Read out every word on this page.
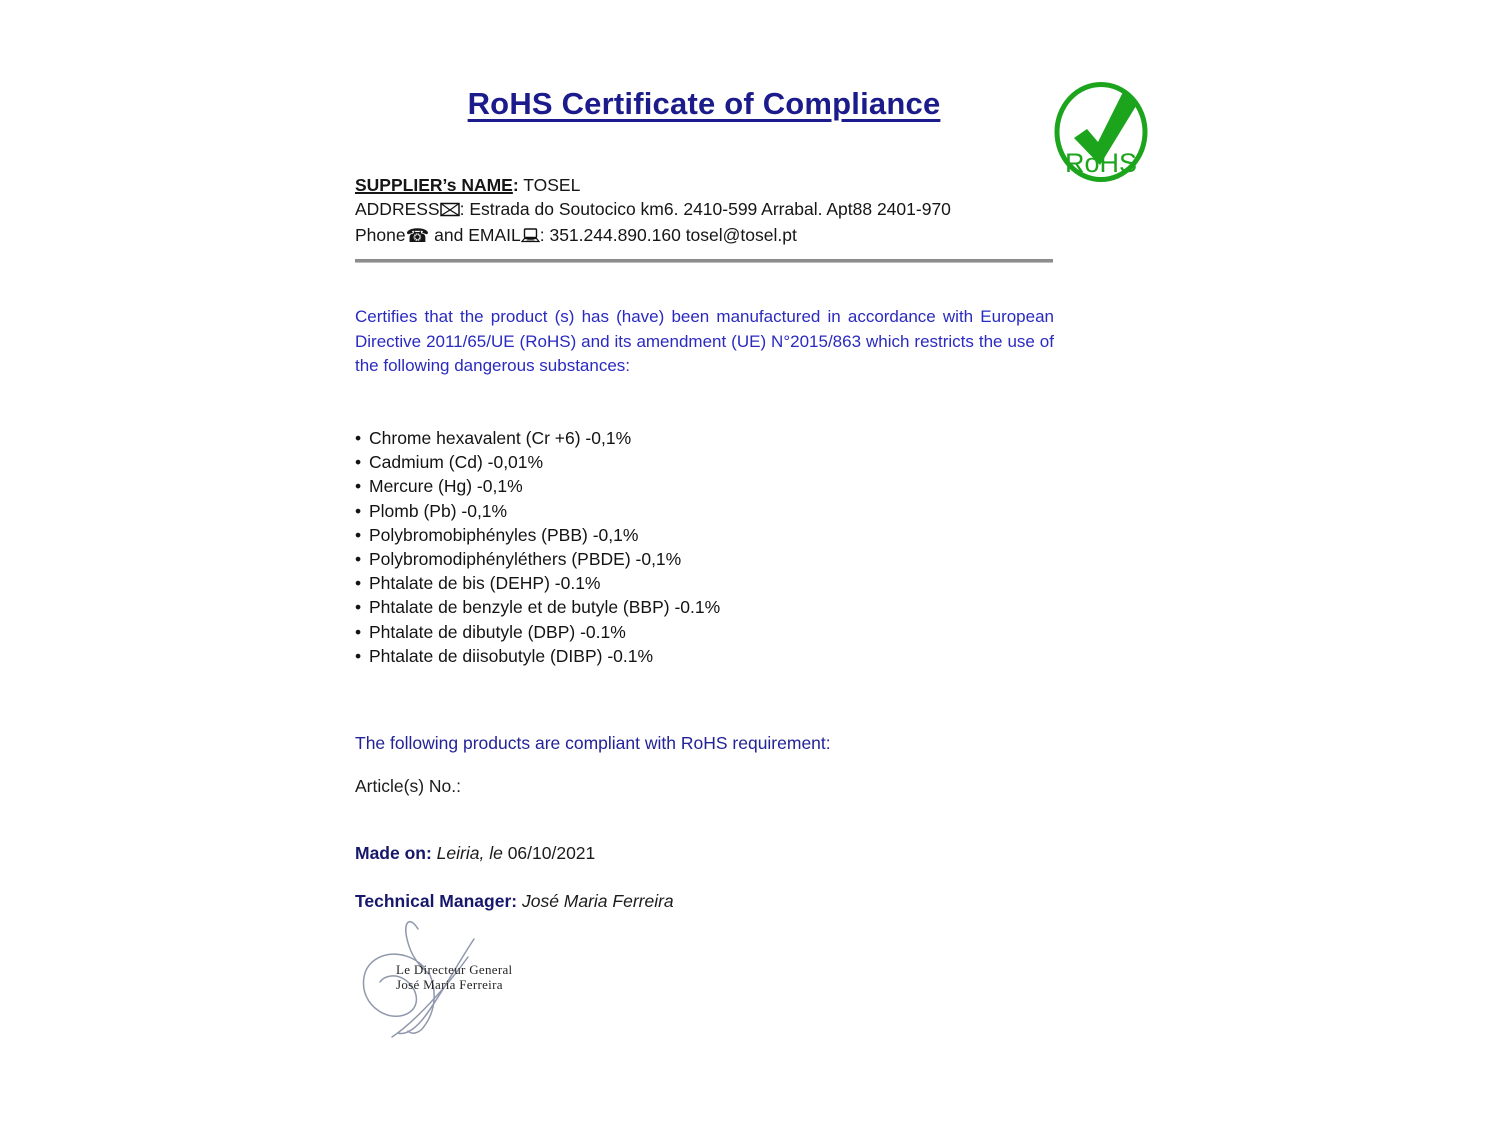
RoHS Certificate of Compliance
RoHS
SUPPLIER’s NAME: TOSEL
ADDRESS : Estrada do Soutocico km6. 2410-599 Arrabal. Apt88 2401-970
Phone☎ and EMAIL : 351.244.890.160 tosel@tosel.pt

Certifies that the product (s) has (have) been manufactured in accordance with European Directive 2011/65/UE (RoHS) and its amendment (UE) N°2015/863 which restricts the use of the following dangerous substances:

• Chrome hexavalent (Cr +6) -0,1%
• Cadmium (Cd) -0,01%
• Mercure (Hg) -0,1%
• Plomb (Pb) -0,1%
• Polybromobiphényles (PBB) -0,1%
• Polybromodiphényléthers (PBDE) -0,1%
• Phtalate de bis (DEHP) -0.1%
• Phtalate de benzyle et de butyle (BBP) -0.1%
• Phtalate de dibutyle (DBP) -0.1%
• Phtalate de diisobutyle (DIBP) -0.1%

The following products are compliant with RoHS requirement:

Article(s) No.:

Made on: Leiria, le 06/10/2021

Technical Manager: José Maria Ferreira

Le Directeur General
José Maria Ferreira
